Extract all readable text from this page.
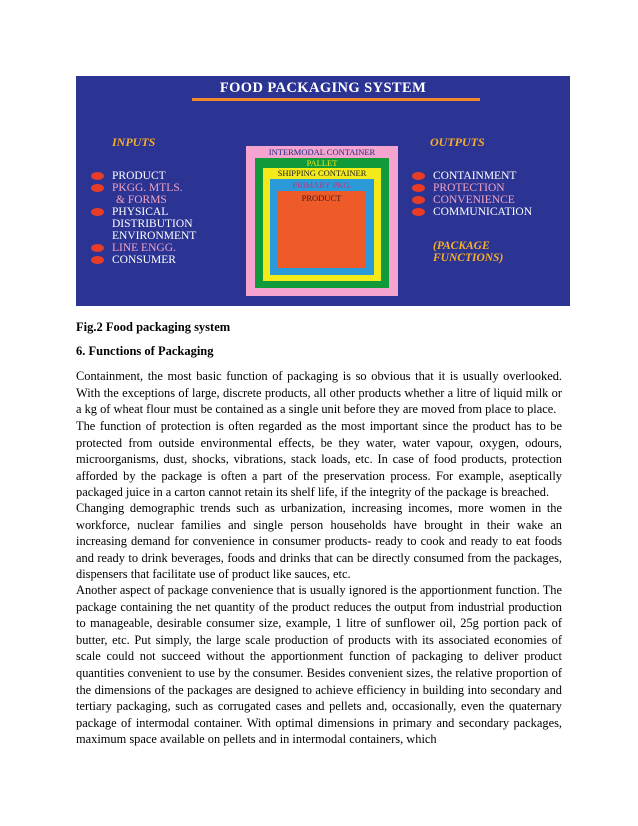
FOOD PACKAGING SYSTEM
INPUTS	OUTPUTS
PRODUCT
PKGG. MTLS.
& FORMS
PHYSICAL
DISTRIBUTION
ENVIRONMENT
LINE ENGG.
CONSUMER
CONTAINMENT
PROTECTION
CONVENIENCE
COMMUNICATION
(PACKAGE
FUNCTIONS)
INTERMODAL CONTAINER
PALLET
SHIPPING CONTAINER
PRIMARY PKG.
PRODUCT
Fig.2 Food packaging system
6. Functions of Packaging

Containment, the most basic function of packaging is so obvious that it is usually overlooked. With the exceptions of large, discrete products, all other products whether a litre of liquid milk or a kg of wheat flour must be contained as a single unit before they are moved from place to place.

The function of protection is often regarded as the most important since the product has to be protected from outside environmental effects, be they water, water vapour, oxygen, odours, microorganisms, dust, shocks, vibrations, stack loads, etc. In case of food products, protection afforded by the package is often a part of the preservation process. For example, aseptically packaged juice in a carton cannot retain its shelf life, if the integrity of the package is breached.

Changing demographic trends such as urbanization, increasing incomes, more women in the workforce, nuclear families and single person households have brought in their wake an increasing demand for convenience in consumer products- ready to cook and ready to eat foods and ready to drink beverages, foods and drinks that can be directly consumed from the packages, dispensers that facilitate use of product like sauces, etc.

Another aspect of package convenience that is usually ignored is the apportionment function. The package containing the net quantity of the product reduces the output from industrial production to manageable, desirable consumer size, example, 1 litre of sunflower oil, 25g portion pack of butter, etc. Put simply, the large scale production of products with its associated economies of scale could not succeed without the apportionment function of packaging to deliver product quantities convenient to use by the consumer. Besides convenient sizes, the relative proportion of the dimensions of the packages are designed to achieve efficiency in building into secondary and tertiary packaging, such as corrugated cases and pellets and, occasionally, even the quaternary package of intermodal container. With optimal dimensions in primary and secondary packages, maximum space available on pellets and in intermodal containers, which
